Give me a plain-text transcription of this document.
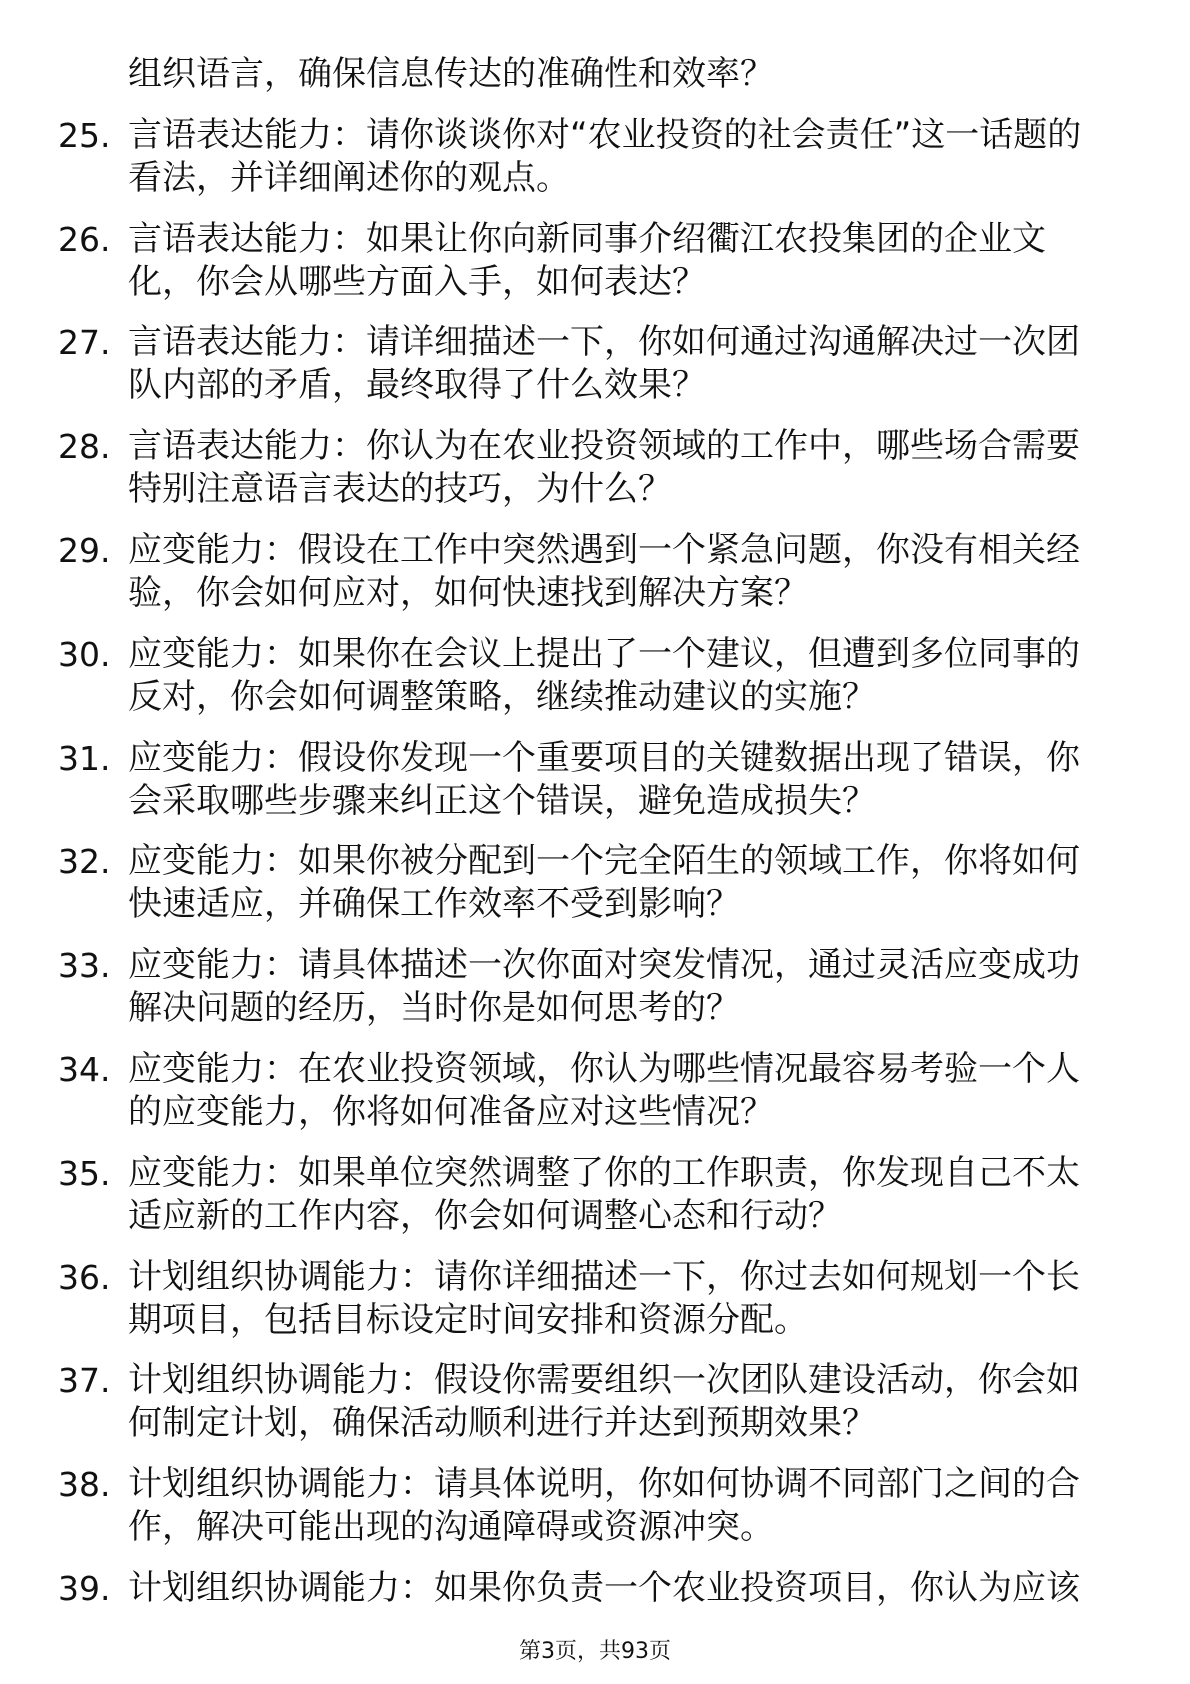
组织语言，确保信息传达的准确性和效率？
25. 言语表达能力：请你谈谈你对“农业投资的社会责任”这一话题的
看法，并详细阐述你的观点。
26. 言语表达能力：如果让你向新同事介绍衢江农投集团的企业文
化，你会从哪些方面入手，如何表达？
27. 言语表达能力：请详细描述一下，你如何通过沟通解决过一次团
队内部的矛盾，最终取得了什么效果？
28. 言语表达能力：你认为在农业投资领域的工作中，哪些场合需要
特别注意语言表达的技巧，为什么？
29. 应变能力：假设在工作中突然遇到一个紧急问题，你没有相关经
验，你会如何应对，如何快速找到解决方案？
30. 应变能力：如果你在会议上提出了一个建议，但遭到多位同事的
反对，你会如何调整策略，继续推动建议的实施？
31. 应变能力：假设你发现一个重要项目的关键数据出现了错误，你
会采取哪些步骤来纠正这个错误，避免造成损失？
32. 应变能力：如果你被分配到一个完全陌生的领域工作，你将如何
快速适应，并确保工作效率不受到影响？
33. 应变能力：请具体描述一次你面对突发情况，通过灵活应变成功
解决问题的经历，当时你是如何思考的？
34. 应变能力：在农业投资领域，你认为哪些情况最容易考验一个人
的应变能力，你将如何准备应对这些情况？
35. 应变能力：如果单位突然调整了你的工作职责，你发现自己不太
适应新的工作内容，你会如何调整心态和行动？
36. 计划组织协调能力：请你详细描述一下，你过去如何规划一个长
期项目，包括目标设定时间安排和资源分配。
37. 计划组织协调能力：假设你需要组织一次团队建设活动，你会如
何制定计划，确保活动顺利进行并达到预期效果？
38. 计划组织协调能力：请具体说明，你如何协调不同部门之间的合
作，解决可能出现的沟通障碍或资源冲突。
39. 计划组织协调能力：如果你负责一个农业投资项目，你认为应该
第3页，共93页
